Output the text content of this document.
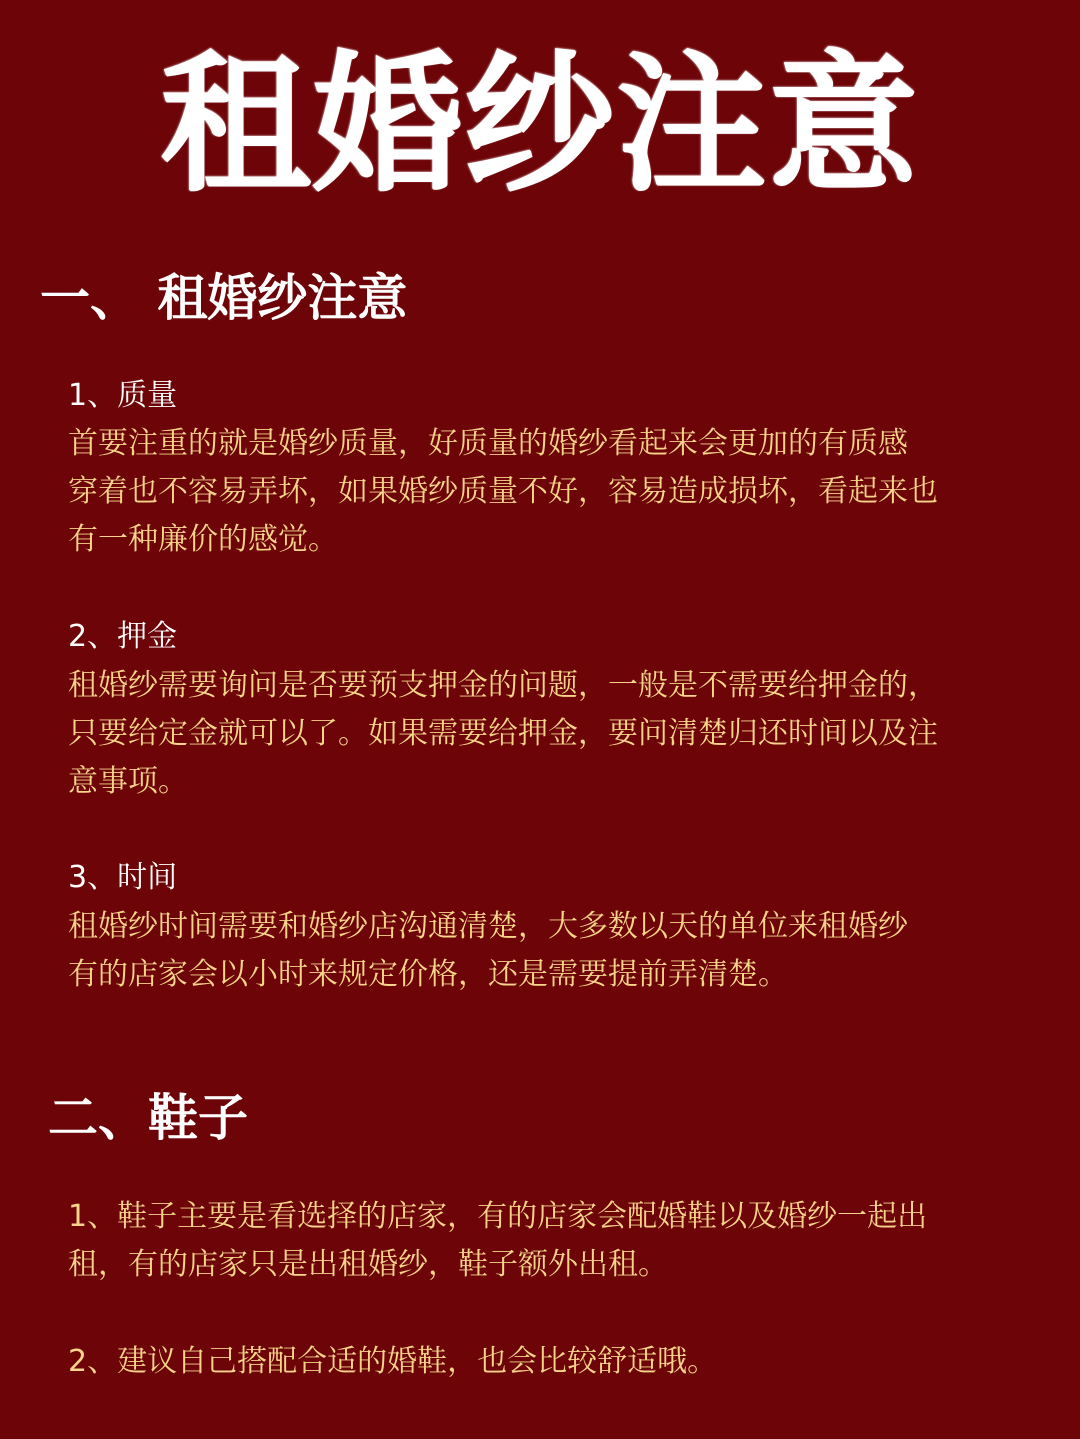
租婚纱注意
一、 租婚纱注意
1、质量
首要注重的就是婚纱质量，好质量的婚纱看起来会更加的有质感
穿着也不容易弄坏，如果婚纱质量不好，容易造成损坏，看起来也
有一种廉价的感觉。
2、押金
租婚纱需要询问是否要预支押金的问题，一般是不需要给押金的，
只要给定金就可以了。如果需要给押金，要问清楚归还时间以及注
意事项。
3、时间
租婚纱时间需要和婚纱店沟通清楚，大多数以天的单位来租婚纱
有的店家会以小时来规定价格，还是需要提前弄清楚。
二、鞋子
1、鞋子主要是看选择的店家，有的店家会配婚鞋以及婚纱一起出
租，有的店家只是出租婚纱，鞋子额外出租。
2、建议自己搭配合适的婚鞋，也会比较舒适哦。
